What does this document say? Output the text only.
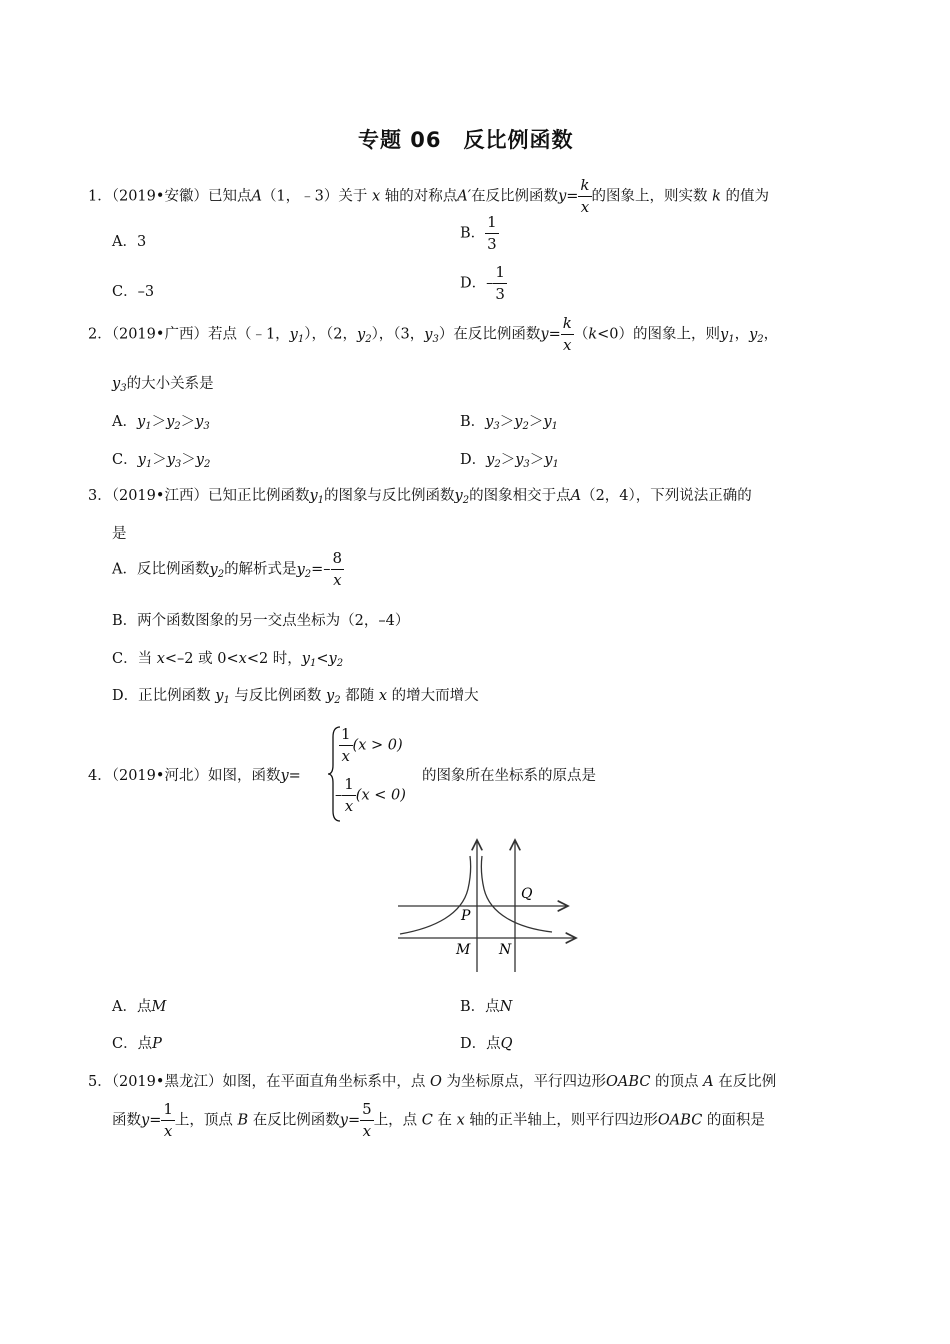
专题 06　反比例函数
1．（2019•安徽）已知点A（1，﹣3）关于 x 轴的对称点A′在反比例函数$y= \frac{k}{x}$ 的图象上，则实数 k 的值为
A．3
B． $\frac{1}{3}$
C．–3
D．– $\frac{1}{3}$
2．（2019•广西）若点（﹣1，$y_1$），（2，$y_2$），（3，$y_3$）在反比例函数$y= \frac{k}{x} (k<0)$的图象上，则$y_1$，$y_2$，
$y_3$的大小关系是
A．$y_1>y_2>y_3$	B．$y_3>y_2>y_1$
C．$y_1>y_3>y_2$	D．$y_2>y_3>y_1$
3．（2019•江西）已知正比例函数$y_1$的图象与反比例函数$y_2$的图象相交于点A（2，4），下列说法正确的
是
A．反比例函数$y_2$的解析式是$y_2=- \frac{8}{x}$
B．两个函数图象的另一交点坐标为（2，–4）
C．当 x<–2 或 0<x<2 时，$y_1<y_2$
D．正比例函数 $y_1$ 与反比例函数 $y_2$ 都随 x 的增大而增大
4．（2019•河北）如图，函数y=
$\frac{1}{x} (x > 0)$
– $\frac{1}{x} (x < 0)$
的图象所在坐标系的原点是
Q
P
M N
A．点M	B．点N
C．点P	D．点Q
5．（2019•黑龙江）如图，在平面直角坐标系中，点 O 为坐标原点，平行四边形OABC 的顶点 A 在反比例
函数$y= \frac{1}{x}$ 上，顶点 B 在反比例函数$y= \frac{5}{x}$ 上，点 C 在 x 轴的正半轴上，则平行四边形OABC 的面积是
